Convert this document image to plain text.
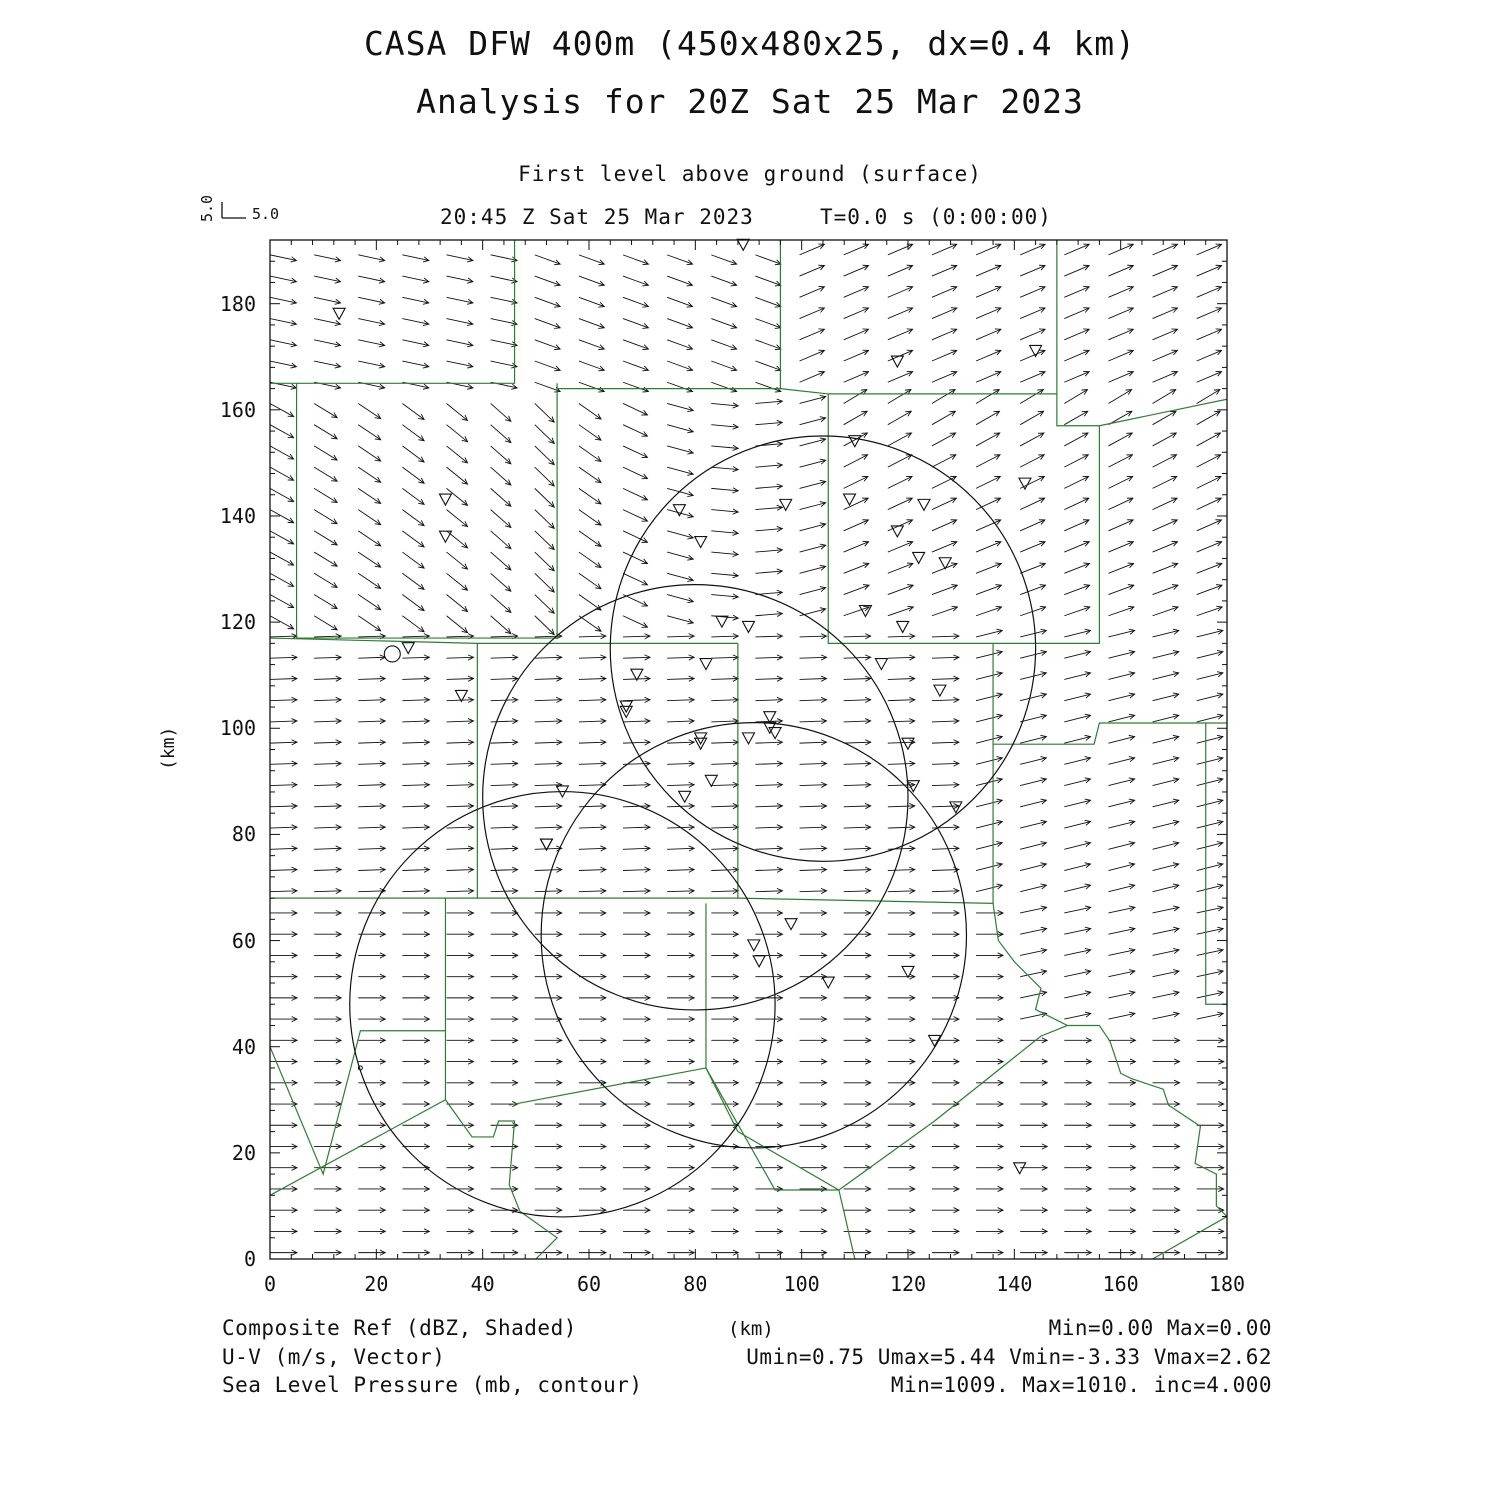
CASA DFW 400m (450x480x25, dx=0.4 km)
Analysis for 20Z Sat 25 Mar 2023
First level above ground (surface)
20:45 Z Sat 25 Mar 2023	T=0.0 s (0:00:00)
5.0 5.0
(km)
(km)
0	20	40	60	80	100	120	140	160	180
0
20
40
60
80
100
120
140
160
180
Composite Ref (dBZ, Shaded)	Min=0.00 Max=0.00
U-V (m/s, Vector)	Umin=0.75 Umax=5.44 Vmin=-3.33 Vmax=2.62
Sea Level Pressure (mb, contour)	Min=1009. Max=1010. inc=4.000
